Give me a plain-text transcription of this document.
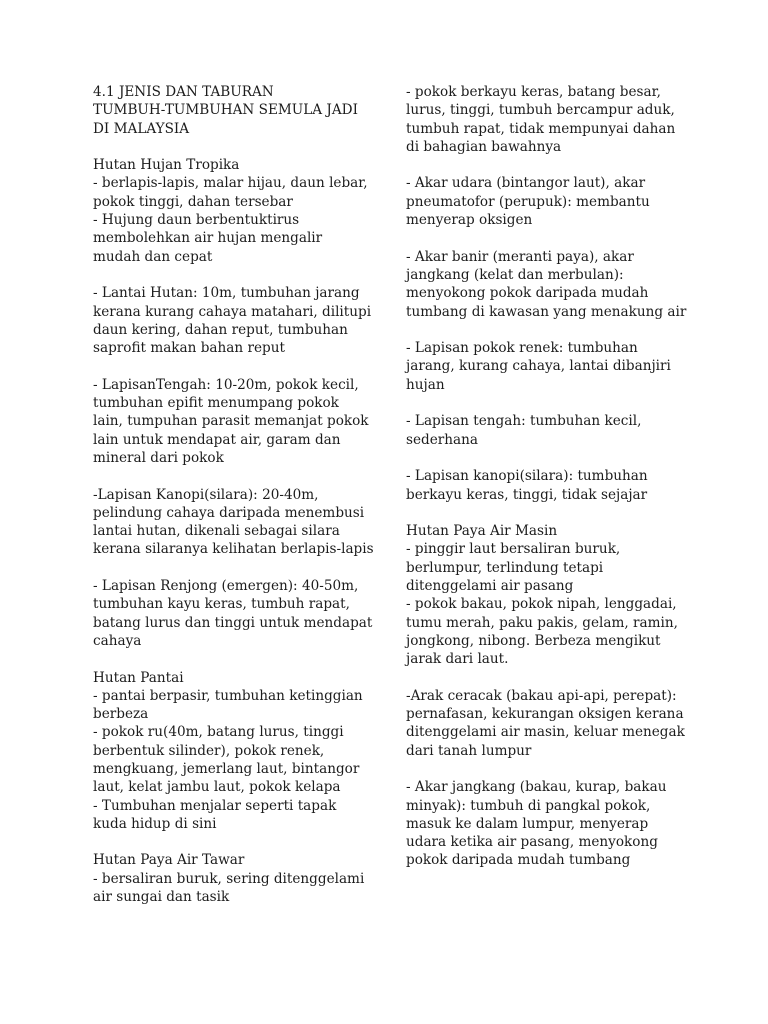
4.1 JENIS DAN TABURAN
TUMBUH-TUMBUHAN SEMULA JADI
DI MALAYSIA
Hutan Hujan Tropika
- berlapis-lapis, malar hijau, daun lebar,
pokok tinggi, dahan tersebar
- Hujung daun berbentuktirus
membolehkan air hujan mengalir
mudah dan cepat
- Lantai Hutan: 10m, tumbuhan jarang
kerana kurang cahaya matahari, dilitupi
daun kering, dahan reput, tumbuhan
saprofit makan bahan reput
- LapisanTengah: 10-20m, pokok kecil,
tumbuhan epifit menumpang pokok
lain, tumpuhan parasit memanjat pokok
lain untuk mendapat air, garam dan
mineral dari pokok
-Lapisan Kanopi(silara): 20-40m,
pelindung cahaya daripada menembusi
lantai hutan, dikenali sebagai silara
kerana silaranya kelihatan berlapis-lapis
- Lapisan Renjong (emergen): 40-50m,
tumbuhan kayu keras, tumbuh rapat,
batang lurus dan tinggi untuk mendapat
cahaya
Hutan Pantai
- pantai berpasir, tumbuhan ketinggian
berbeza
- pokok ru(40m, batang lurus, tinggi
berbentuk silinder), pokok renek,
mengkuang, jemerlang laut, bintangor
laut, kelat jambu laut, pokok kelapa
- Tumbuhan menjalar seperti tapak
kuda hidup di sini
Hutan Paya Air Tawar
- bersaliran buruk, sering ditenggelami
air sungai dan tasik
- pokok berkayu keras, batang besar,
lurus, tinggi, tumbuh bercampur aduk,
tumbuh rapat, tidak mempunyai dahan
di bahagian bawahnya
- Akar udara (bintangor laut), akar
pneumatofor (perupuk): membantu
menyerap oksigen
- Akar banir (meranti paya), akar
jangkang (kelat dan merbulan):
menyokong pokok daripada mudah
tumbang di kawasan yang menakung air
- Lapisan pokok renek: tumbuhan
jarang, kurang cahaya, lantai dibanjiri
hujan
- Lapisan tengah: tumbuhan kecil,
sederhana
- Lapisan kanopi(silara): tumbuhan
berkayu keras, tinggi, tidak sejajar
Hutan Paya Air Masin
- pinggir laut bersaliran buruk,
berlumpur, terlindung tetapi
ditenggelami air pasang
- pokok bakau, pokok nipah, lenggadai,
tumu merah, paku pakis, gelam, ramin,
jongkong, nibong. Berbeza mengikut
jarak dari laut.
-Arak ceracak (bakau api-api, perepat):
pernafasan, kekurangan oksigen kerana
ditenggelami air masin, keluar menegak
dari tanah lumpur
- Akar jangkang (bakau, kurap, bakau
minyak): tumbuh di pangkal pokok,
masuk ke dalam lumpur, menyerap
udara ketika air pasang, menyokong
pokok daripada mudah tumbang
